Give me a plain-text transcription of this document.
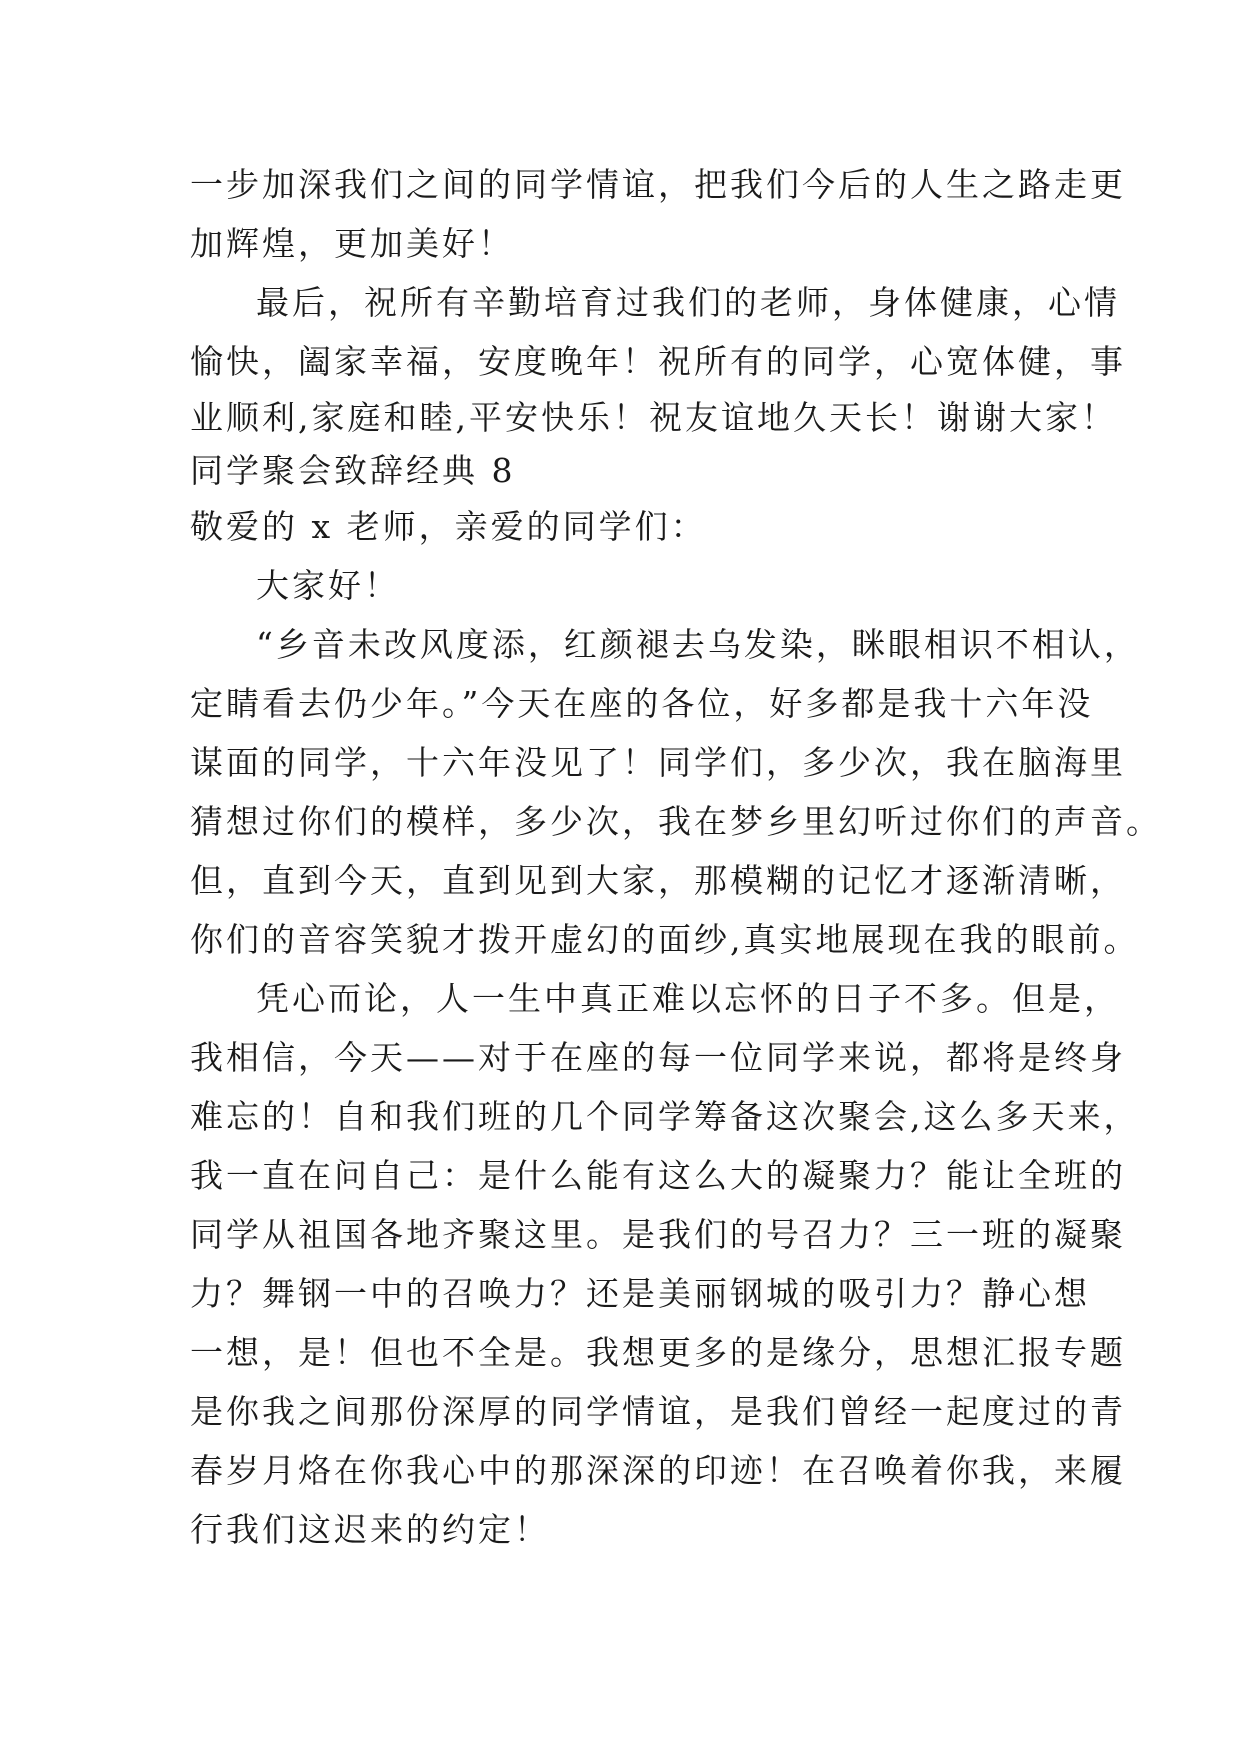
一步加深我们之间的同学情谊，把我们今后的人生之路走更
加辉煌，更加美好！
最后，祝所有辛勤培育过我们的老师，身体健康，心情
愉快，阖家幸福，安度晚年！祝所有的同学，心宽体健，事
业顺利,家庭和睦,平安快乐！祝友谊地久天长！谢谢大家！
同学聚会致辞经典 8
敬爱的 x 老师，亲爱的同学们：
大家好！
“乡音未改风度添，红颜褪去乌发染，眯眼相识不相认，
定睛看去仍少年。”今天在座的各位，好多都是我十六年没
谋面的同学，十六年没见了！同学们，多少次，我在脑海里
猜想过你们的模样，多少次，我在梦乡里幻听过你们的声音。
但，直到今天，直到见到大家，那模糊的记忆才逐渐清晰，
你们的音容笑貌才拨开虚幻的面纱,真实地展现在我的眼前。
凭心而论，人一生中真正难以忘怀的日子不多。但是，
我相信，今天——对于在座的每一位同学来说，都将是终身
难忘的！自和我们班的几个同学筹备这次聚会,这么多天来，
我一直在问自己：是什么能有这么大的凝聚力？能让全班的
同学从祖国各地齐聚这里。是我们的号召力？三一班的凝聚
力？舞钢一中的召唤力？还是美丽钢城的吸引力？静心想
一想，是！但也不全是。我想更多的是缘分，思想汇报专题
是你我之间那份深厚的同学情谊，是我们曾经一起度过的青
春岁月烙在你我心中的那深深的印迹！在召唤着你我，来履
行我们这迟来的约定！
